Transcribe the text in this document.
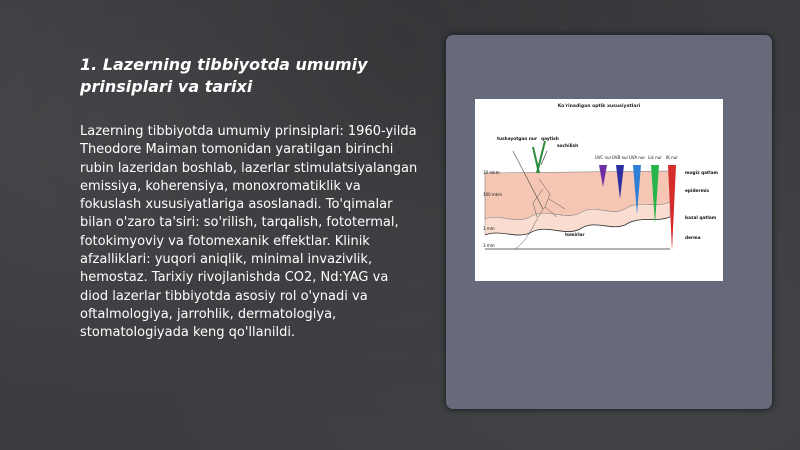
1. Lazerning tibbiyotda umumiy prinsiplari va tarixi

Lazerning tibbiyotda umumiy prinsiplari: 1960-yilda Theodore Maiman tomonidan yaratilgan birinchi rubin lazeridan boshlab, lazerlar stimulatsiyalangan emissiya, koherensiya, monoxromatiklik va fokuslash xususiyatlariga asoslanadi. To'qimalar bilan o'zaro ta'siri: so'rilish, tarqalish, fototermal, fotokimyoviy va fotomexanik effektlar. Klinik afzalliklari: yuqori aniqlik, minimal invazivlik, hemostaz. Tarixiy rivojlanishda CO2, Nd:YAG va diod lazerlar tibbiyotda asosiy rol o'ynadi va oftalmologiya, jarrohlik, dermatologiya, stomatologiyada keng qo'llanildi.

Ko'rinadigan optik xususiyatlari
10 mkm
100 mkm
1 mm
3 mm
tushayotgan nur qaytish
sochilish
tomirlar
mugiz qatlam
epidermis
bazal qatlam
derma
UVC nur UVB nur UVA nur Lik nur IK nur
